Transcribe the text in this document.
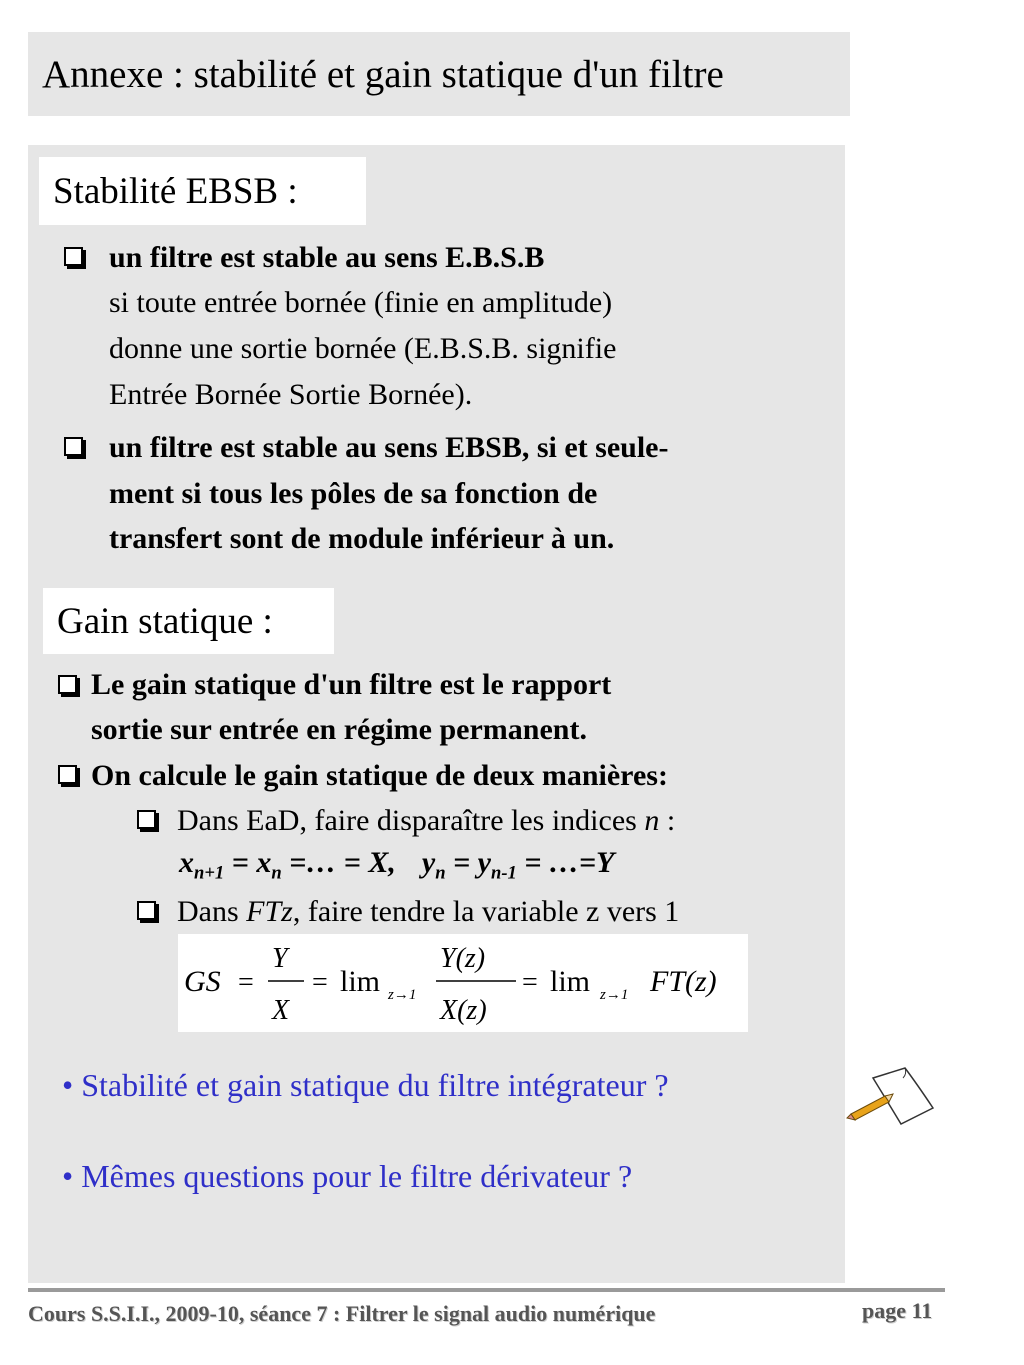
Annexe : stabilité et gain statique d'un filtre
Stabilité EBSB :
un filtre est stable au sens E.B.S.B
si toute entrée bornée (finie en amplitude)
donne une sortie bornée (E.B.S.B. signifie
Entrée Bornée Sortie Bornée).
un filtre est stable au sens EBSB, si et seule-
ment si tous les pôles de sa fonction de
transfert sont de module inférieur à un.
Gain statique :
Le gain statique d'un filtre est le rapport
sortie sur entrée en régime permanent.
On calcule le gain statique de deux manières:
Dans EaD, faire disparaître les indices n :
$x_{n+1} = x_n$ =… = X, $y_n = y_{n-1}$ = …=Y
Dans FTz, faire tendre la variable z vers 1
GS =
Y
X
= lim z→1
Y(z)
X(z)
= lim z→1 FT(z)
• Stabilité et gain statique du filtre intégrateur ?
• Mêmes questions pour le filtre dérivateur ?
Cours S.S.I.I., 2009-10, séance 7 : Filtrer le signal audio numérique	page 11
